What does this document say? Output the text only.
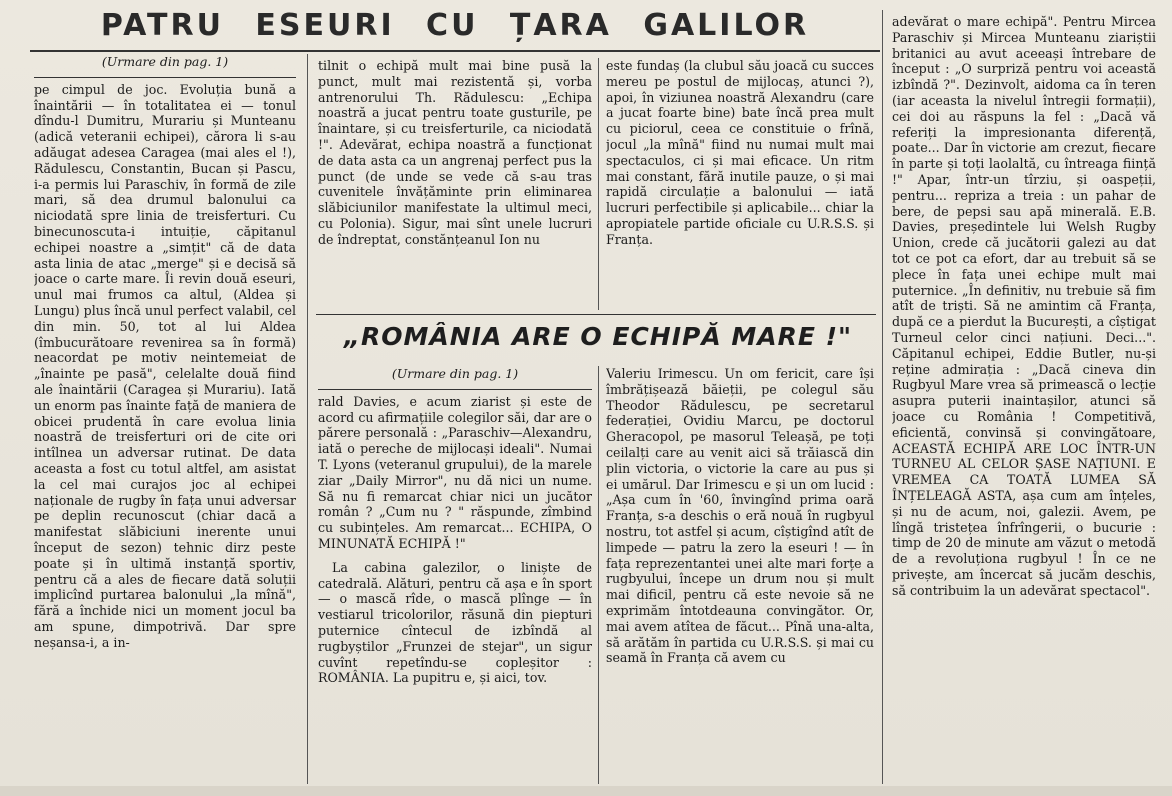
PATRU ESEURI CU ȚARA GALILOR

(Urmare din pag. 1)

pe cimpul de joc. Evoluția bună a înaintării — în totalitatea ei — tonul dîndu-l Dumitru, Murariu și Munteanu (adică veteranii echipei), cărora li s-au adăugat adesea Caragea (mai ales el !), Rădulescu, Constantin, Bucan și Pascu, i-a permis lui Paraschiv, în formă de zile mari, să dea drumul balonului ca niciodată spre linia de treisferturi. Cu binecunoscuta-i intuiție, căpitanul echipei noastre a „simțit" că de data asta linia de atac „merge" și e decisă să joace o carte mare. Îi revin două eseuri, unul mai frumos ca altul, (Aldea și Lungu) plus încă unul perfect valabil, cel din min. 50, tot al lui Aldea (îmbucurătoare revenirea sa în formă) neacordat pe motiv neintemeiat de „înainte pe pasă", celelalte două fiind ale înaintării (Caragea și Murariu). Iată un enorm pas înainte față de maniera de obicei prudentă în care evolua linia noastră de treisferturi ori de cite ori intîlnea un adversar rutinat. De data aceasta a fost cu totul altfel, am asistat la cel mai curajos joc al echipei naționale de rugby în fața unui adversar pe deplin recunoscut (chiar dacă a manifestat slăbiciuni inerente unui început de sezon) tehnic dirz peste poate și în ultimă instanță sportiv, pentru că a ales de fiecare dată soluții implicînd purtarea balonului „la mînă", fără a închide nici un moment jocul ba am spune, dimpotrivă. Dar spre neșansa-i, a in-

tilnit o echipă mult mai bine pusă la punct, mult mai rezistentă și, vorba antrenorului Th. Rădulescu: „Echipa noastră a jucat pentru toate gusturile, pe înaintare, și cu treisferturile, ca niciodată !". Adevărat, echipa noastră a funcționat de data asta ca un angrenaj perfect pus la punct (de unde se vede că s-au tras cuvenitele învățăminte prin eliminarea slăbiciunilor manifestate la ultimul meci, cu Polonia). Sigur, mai sînt unele lucruri de îndreptat, constănțeanul Ion nu

este fundaș (la clubul său joacă cu succes mereu pe postul de mijlocaș, atunci ?), apoi, în viziunea noastră Alexandru (care a jucat foarte bine) bate încă prea mult cu piciorul, ceea ce constituie o frînă, jocul „la mînă" fiind nu numai mult mai spectaculos, ci și mai eficace. Un ritm mai constant, fără inutile pauze, o și mai rapidă circulație a balonului — iată lucruri perfectibile și aplicabile... chiar la apropiatele partide oficiale cu U.R.S.S. și Franța.

„ROMÂNIA ARE O ECHIPĂ MARE !"

(Urmare din pag. 1)

rald Davies, e acum ziarist și este de acord cu afirmațiile colegilor săi, dar are o părere personală : „Paraschiv—Alexandru, iată o pereche de mijlocași ideali". Numai T. Lyons (veteranul grupului), de la marele ziar „Daily Mirror", nu dă nici un nume. Să nu fi remarcat chiar nici un jucător român ? „Cum nu ? " răspunde, zîmbind cu subințeles. Am remarcat... ECHIPA, O MINUNATĂ ECHIPĂ !"

La cabina galezilor, o liniște de catedrală. Alături, pentru că așa e în sport — o mască rîde, o mască plînge — în vestiarul tricolorilor, răsună din piepturi puternice cîntecul de izbîndă al rugbyștilor „Frunzei de stejar", un sigur cuvînt repetîndu-se copleșitor : ROMÂNIA. La pupitru e, și aici, tov.

Valeriu Irimescu. Un om fericit, care își îmbrățișează băieții, pe colegul său Theodor Rădulescu, pe secretarul federației, Ovidiu Marcu, pe doctorul Gheracopol, pe masorul Teleașă, pe toți ceilalți care au venit aici să trăiască din plin victoria, o victorie la care au pus și ei umărul. Dar Irimescu e și un om lucid : „Așa cum în '60, învingînd prima oară Franța, s-a deschis o eră nouă în rugbyul nostru, tot astfel și acum, cîștigînd atît de limpede — patru la zero la eseuri ! — în fața reprezentantei unei alte mari forțe a rugbyului, începe un drum nou și mult mai dificil, pentru că este nevoie să ne exprimăm întotdeauna convingător. Or, mai avem atîtea de făcut... Pînă una-alta, să arătăm în partida cu U.R.S.S. și mai cu seamă în Franța că avem cu

adevărat o mare echipă". Pentru Mircea Paraschiv și Mircea Munteanu ziariștii britanici au avut aceeași întrebare de început : „O surpriză pentru voi această izbîndă ?". Dezinvolt, aidoma ca în teren (iar aceasta la nivelul întregii formații), cei doi au răspuns la fel : „Dacă vă referiți la impresionanta diferență, poate... Dar în victorie am crezut, fiecare în parte și toți laolaltă, cu întreaga ființă !" Apar, într-un tîrziu, și oaspeții, pentru... repriza a treia : un pahar de bere, de pepsi sau apă minerală. E.B. Davies, președintele lui Welsh Rugby Union, crede că jucătorii galezi au dat tot ce pot ca efort, dar au trebuit să se plece în fața unei echipe mult mai puternice. „În definitiv, nu trebuie să fim atît de triști. Să ne amintim că Franța, după ce a pierdut la București, a cîștigat Turneul celor cinci națiuni. Deci...". Căpitanul echipei, Eddie Butler, nu-și reține admirația : „Dacă cineva din Rugbyul Mare vrea să primească o lecție asupra puterii inaintașilor, atunci să joace cu România ! Competitivă, eficientă, convinsă și convingătoare, ACEASTĂ ECHIPĂ ARE LOC ÎNTR-UN TURNEU AL CELOR ȘASE NAȚIUNI. E VREMEA CA TOATĂ LUMEA SĂ ÎNȚELEAGĂ ASTA, așa cum am înțeles, și nu de acum, noi, galezii. Avem, pe lîngă tristețea înfrîngerii, o bucurie : timp de 20 de minute am văzut o metodă de a revoluționa rugbyul ! În ce ne privește, am încercat să jucăm deschis, să contribuim la un adevărat spectacol".
